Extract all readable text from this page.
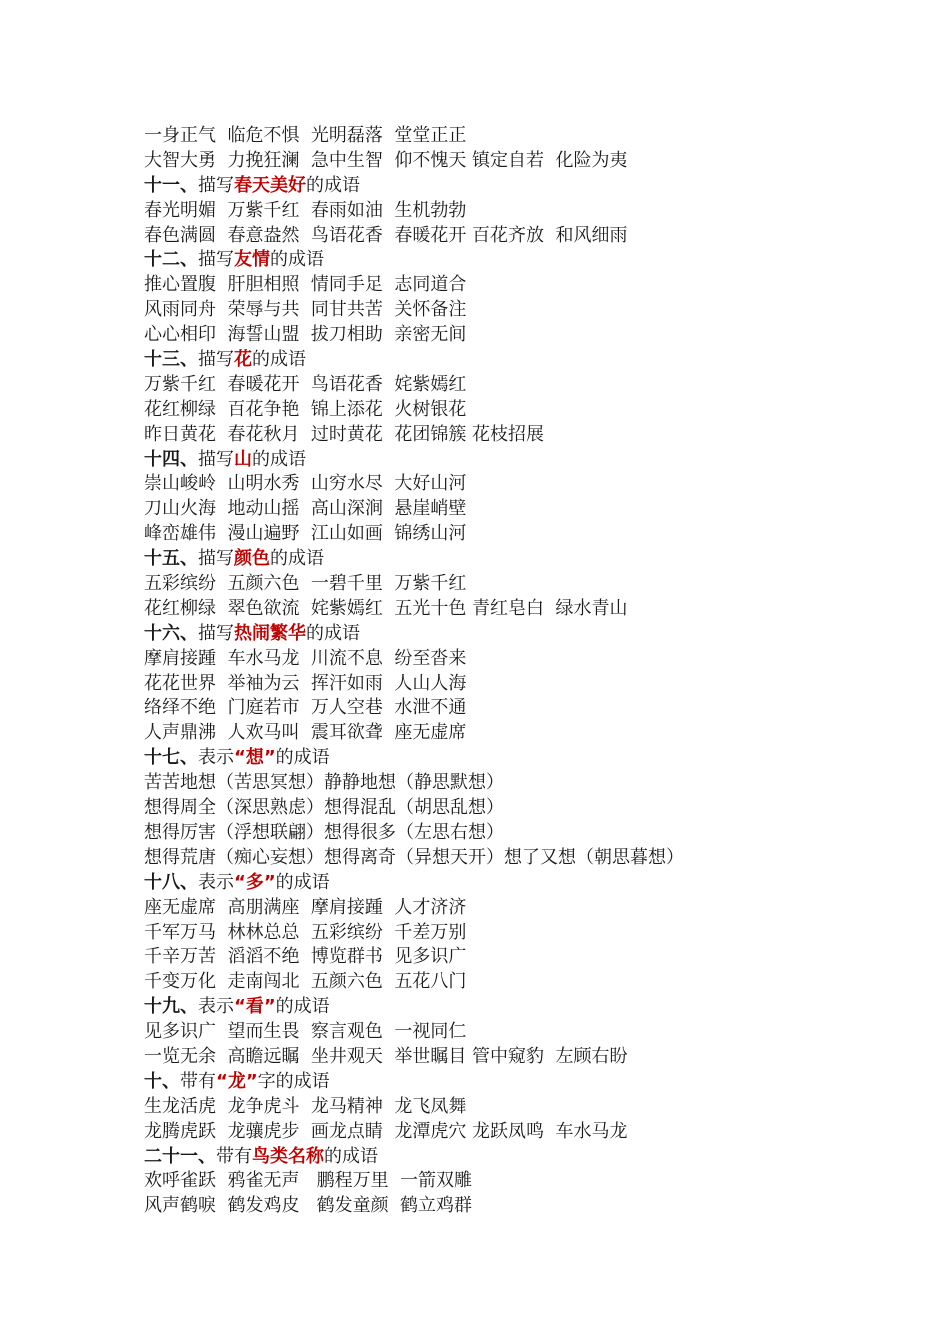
一身正气  临危不惧  光明磊落  堂堂正正
大智大勇  力挽狂澜  急中生智  仰不愧天 镇定自若  化险为夷
十一、描写春天美好的成语
春光明媚  万紫千红  春雨如油  生机勃勃
春色满圆  春意盎然  鸟语花香  春暖花开 百花齐放  和风细雨
十二、描写友情的成语
推心置腹  肝胆相照  情同手足  志同道合
风雨同舟  荣辱与共  同甘共苦  关怀备注
心心相印  海誓山盟  拔刀相助  亲密无间
十三、描写花的成语
万紫千红  春暖花开  鸟语花香  姹紫嫣红
花红柳绿  百花争艳  锦上添花  火树银花
昨日黄花  春花秋月  过时黄花  花团锦簇 花枝招展
十四、描写山的成语
崇山峻岭  山明水秀  山穷水尽  大好山河
刀山火海  地动山摇  高山深涧  悬崖峭壁
峰峦雄伟  漫山遍野  江山如画  锦绣山河
十五、描写颜色的成语
五彩缤纷  五颜六色  一碧千里  万紫千红
花红柳绿  翠色欲流  姹紫嫣红  五光十色 青红皂白  绿水青山
十六、描写热闹繁华的成语
摩肩接踵  车水马龙  川流不息  纷至沓来
花花世界  举袖为云  挥汗如雨  人山人海
络绎不绝  门庭若市  万人空巷  水泄不通
人声鼎沸  人欢马叫  震耳欲聋  座无虚席
十七、表示“想”的成语
苦苦地想（苦思冥想）静静地想（静思默想）
想得周全（深思熟虑）想得混乱（胡思乱想）
想得厉害（浮想联翩）想得很多（左思右想）
想得荒唐（痴心妄想）想得离奇（异想天开）想了又想（朝思暮想）
十八、表示“多”的成语
座无虚席  高朋满座  摩肩接踵  人才济济
千军万马  林林总总  五彩缤纷  千差万别
千辛万苦  滔滔不绝  博览群书  见多识广
千变万化  走南闯北  五颜六色  五花八门
十九、表示“看”的成语
见多识广  望而生畏  察言观色  一视同仁
一览无余  高瞻远瞩  坐井观天  举世瞩目 管中窥豹  左顾右盼
十、带有“龙”字的成语
生龙活虎  龙争虎斗  龙马精神  龙飞凤舞
龙腾虎跃  龙骧虎步  画龙点睛  龙潭虎穴 龙跃凤鸣  车水马龙
二十一、带有鸟类名称的成语
欢呼雀跃  鸦雀无声   鹏程万里  一箭双雕
风声鹤唳  鹤发鸡皮   鹤发童颜  鹤立鸡群
